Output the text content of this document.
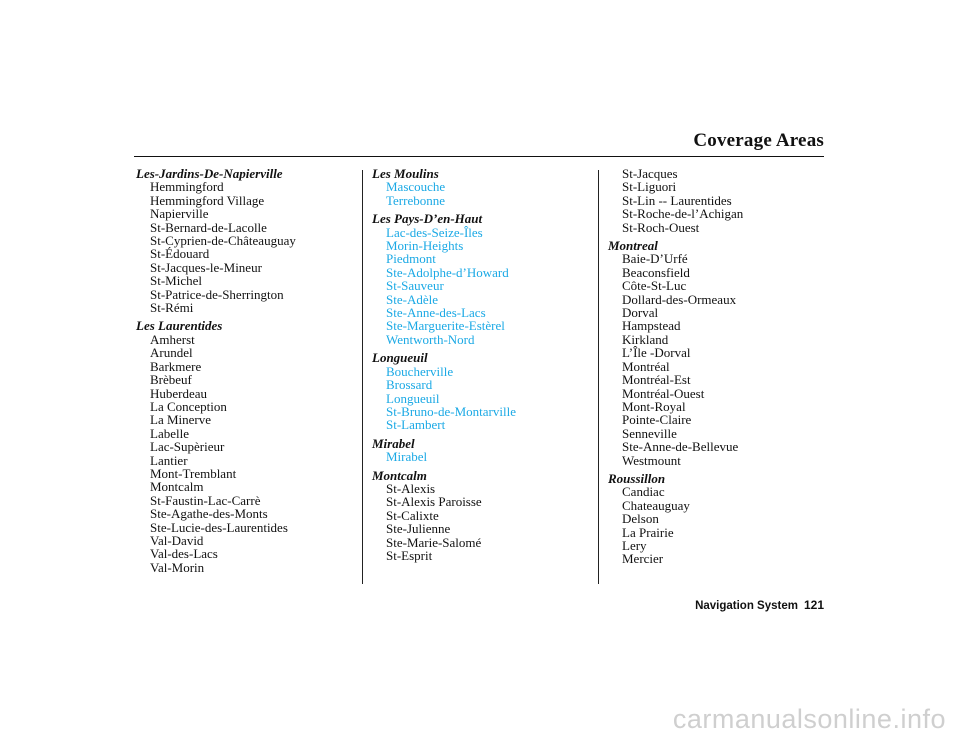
Coverage Areas
Les-Jardins-De-Napierville
Hemmingford
Hemmingford Village
Napierville
St-Bernard-de-Lacolle
St-Cyprien-de-Châteauguay
St-Édouard
St-Jacques-le-Mineur
St-Michel
St-Patrice-de-Sherrington
St-Rémi
Les Laurentides
Amherst
Arundel
Barkmere
Brèbeuf
Huberdeau
La Conception
La Minerve
Labelle
Lac-Supèrieur
Lantier
Mont-Tremblant
Montcalm
St-Faustin-Lac-Carrè
Ste-Agathe-des-Monts
Ste-Lucie-des-Laurentides
Val-David
Val-des-Lacs
Val-Morin
Les Moulins
Mascouche
Terrebonne
Les Pays-D’en-Haut
Lac-des-Seize-Îles
Morin-Heights
Piedmont
Ste-Adolphe-d’Howard
St-Sauveur
Ste-Adèle
Ste-Anne-des-Lacs
Ste-Marguerite-Estèrel
Wentworth-Nord
Longueuil
Boucherville
Brossard
Longueuil
St-Bruno-de-Montarville
St-Lambert
Mirabel
Mirabel
Montcalm
St-Alexis
St-Alexis Paroisse
St-Calixte
Ste-Julienne
Ste-Marie-Salomé
St-Esprit
St-Jacques
St-Liguori
St-Lin -- Laurentides
St-Roche-de-l’Achigan
St-Roch-Ouest
Montreal
Baie-D’Urfé
Beaconsfield
Côte-St-Luc
Dollard-des-Ormeaux
Dorval
Hampstead
Kirkland
L’Île -Dorval
Montréal
Montréal-Est
Montréal-Ouest
Mont-Royal
Pointe-Claire
Senneville
Ste-Anne-de-Bellevue
Westmount
Roussillon
Candiac
Chateauguay
Delson
La Prairie
Lery
Mercier
Navigation System 121
carmanualsonline.info
